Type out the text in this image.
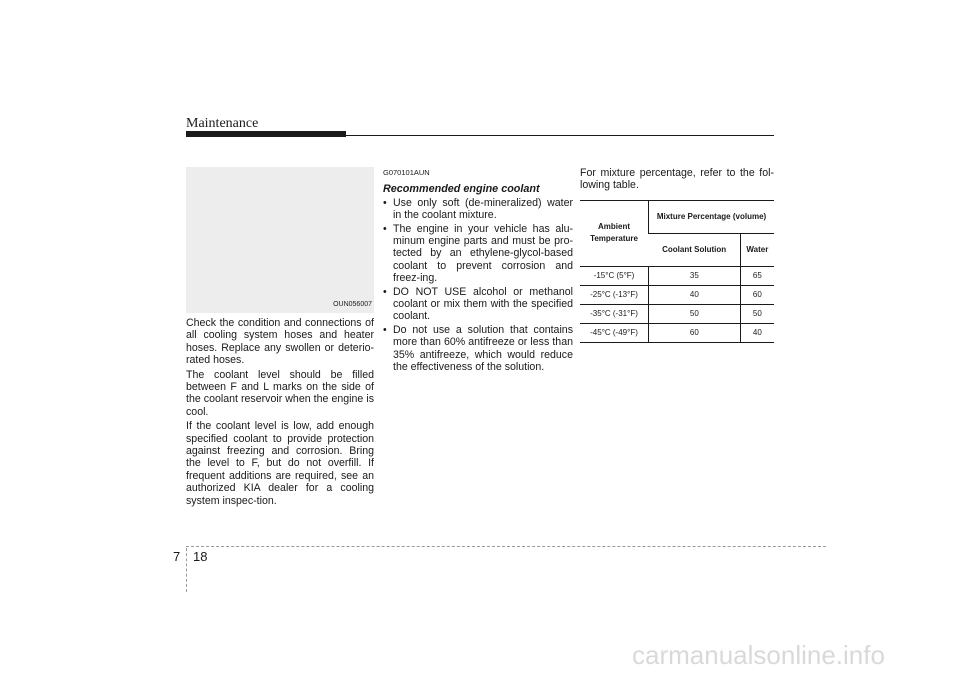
Maintenance
OUN056007

Check the condition and connections of all cooling system hoses and heater hoses. Replace any swollen or deterio-rated hoses.

The coolant level should be filled between F and L marks on the side of the coolant reservoir when the engine is cool.

If the coolant level is low, add enough specified coolant to provide protection against freezing and corrosion. Bring the level to F, but do not overfill. If frequent additions are required, see an authorized KIA dealer for a cooling system inspec-tion.

G070101AUN
Recommended engine coolant
• Use only soft (de-mineralized) water in the coolant mixture.
• The engine in your vehicle has alu-minum engine parts and must be pro-tected by an ethylene-glycol-based coolant to prevent corrosion and freez-ing.
• DO NOT USE alcohol or methanol coolant or mix them with the specified coolant.
• Do not use a solution that contains more than 60% antifreeze or less than 35% antifreeze, which would reduce the effectiveness of the solution.

For mixture percentage, refer to the fol-lowing table.

Ambient Temperature	Mixture Percentage (volume)	
	Coolant Solution	Water
-15°C (5°F)	35	65
-25°C (-13°F)	40	60
-35°C (-31°F)	50	50
-45°C (-49°F)	60	40
7 18
carmanualsonline.info
